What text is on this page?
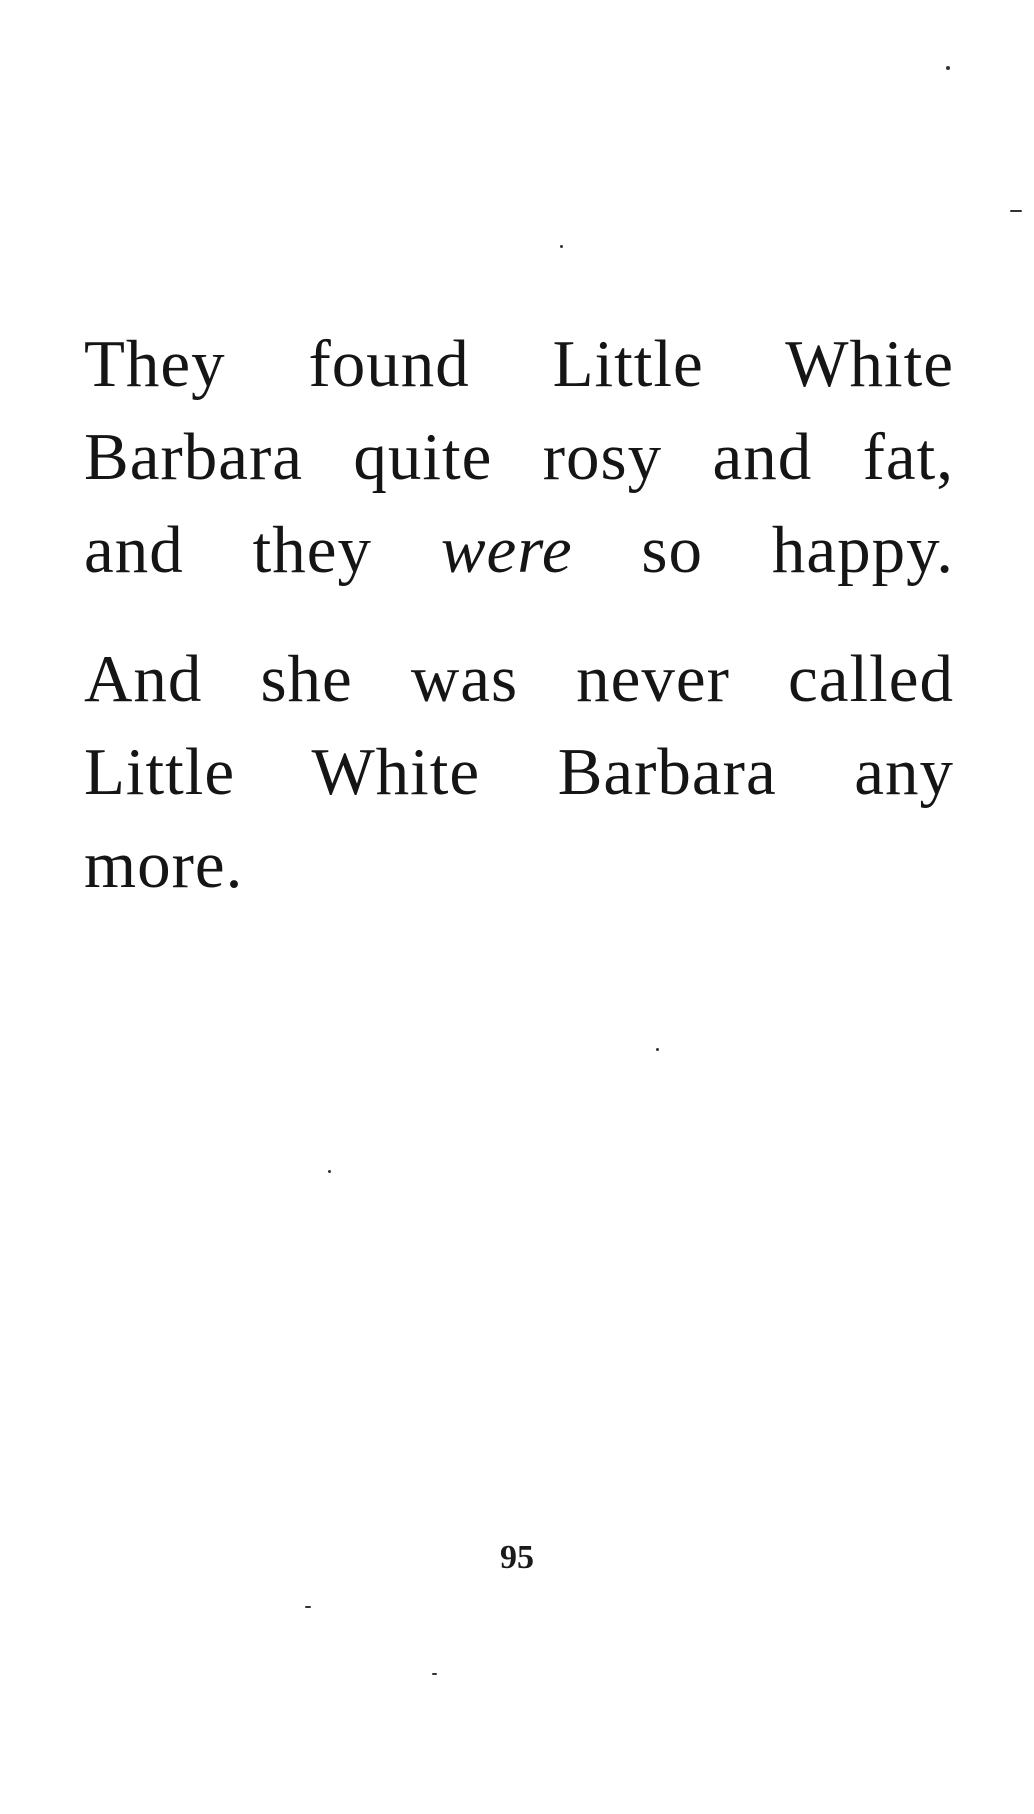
They found Little White
Barbara quite rosy and fat,
and they were so happy.
And she was never called
Little White Barbara any
more.
95
